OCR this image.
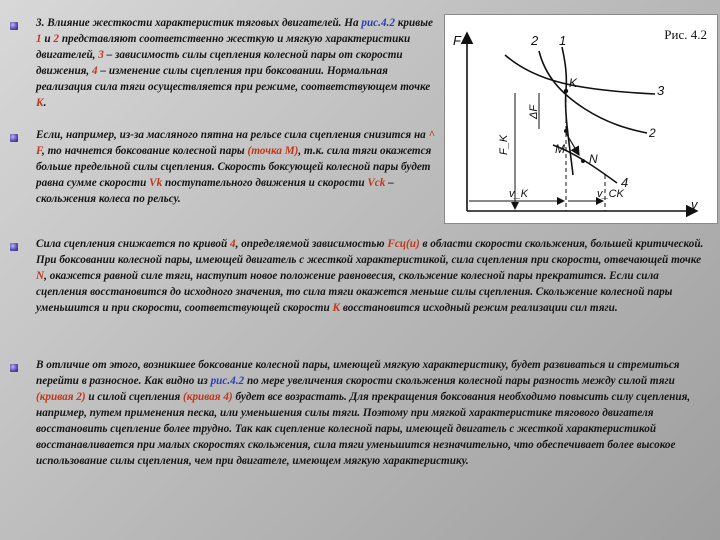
3. Влияние жесткости характеристик тяговых двигателей. На рис.4.2 кривые 1 и 2 представляют соответственно жесткую и мягкую характеристики двигателей, 3 – зависимость силы сцепления колесной пары от скорости движения, 4 – изменение силы сцепления при боксовании. Нормальная реализация сила тяги осуществляется при режиме, соответствующем точке К.

Если, например, из-за масляного пятна на рельсе сила сцепления снизится на ^ F, то начнется боксование колесной пары (точка М), т.к. сила тяги окажется больше предельной силы сцепления. Скорость боксующей колесной пары будет равна сумме скорости Vk поступательного движения и скорости Vck – скольжения колеса по рельсу.

Сила сцепления снижается по кривой 4, определяемой зависимостью Fcц(u) в области скорости скольжения, большей критической. При боксовании колесной пары, имеющей двигатель с жесткой характеристикой, сила сцепления при скорости, отвечающей точке N, окажется равной силе тяги, наступит новое положение равновесия, скольжение колесной пары прекратится. Если сила сцепления восстановится до исходного значения, то сила тяги окажется меньше силы сцепления. Скольжение колесной пары уменьшится и при скорости, соответствующей скорости К восстановится исходный режим реализации сил тяги.

В отличие от этого, возникшее боксование колесной пары, имеющей мягкую характеристику, будет развиваться и стремиться перейти в разносное. Как видно из рис.4.2 по мере увеличения скорости скольжения колесной пары разность между силой тяги (кривая 2) и силой сцепления (кривая 4) будет все возрастать. Для прекращения боксования необходимо повысить силу сцепления, например, путем применения песка, или уменьшения силы тяги. Поэтому при мягкой характеристике тягового двигателя восстановить сцепление более трудно. Так как сцепление колесной пары, имеющей двигатель с жесткой характеристикой восстанавливается при малых скоростях скольжения, сила тяги уменьшится незначительно, что обеспечивает более высокое использование силы сцепления, чем при двигателе, имеющем мягкую характеристику.

Рис. 4.2
F
v
3
1
2
2
4
K
M
N
F_K
ΔF
v_K	v_CK
